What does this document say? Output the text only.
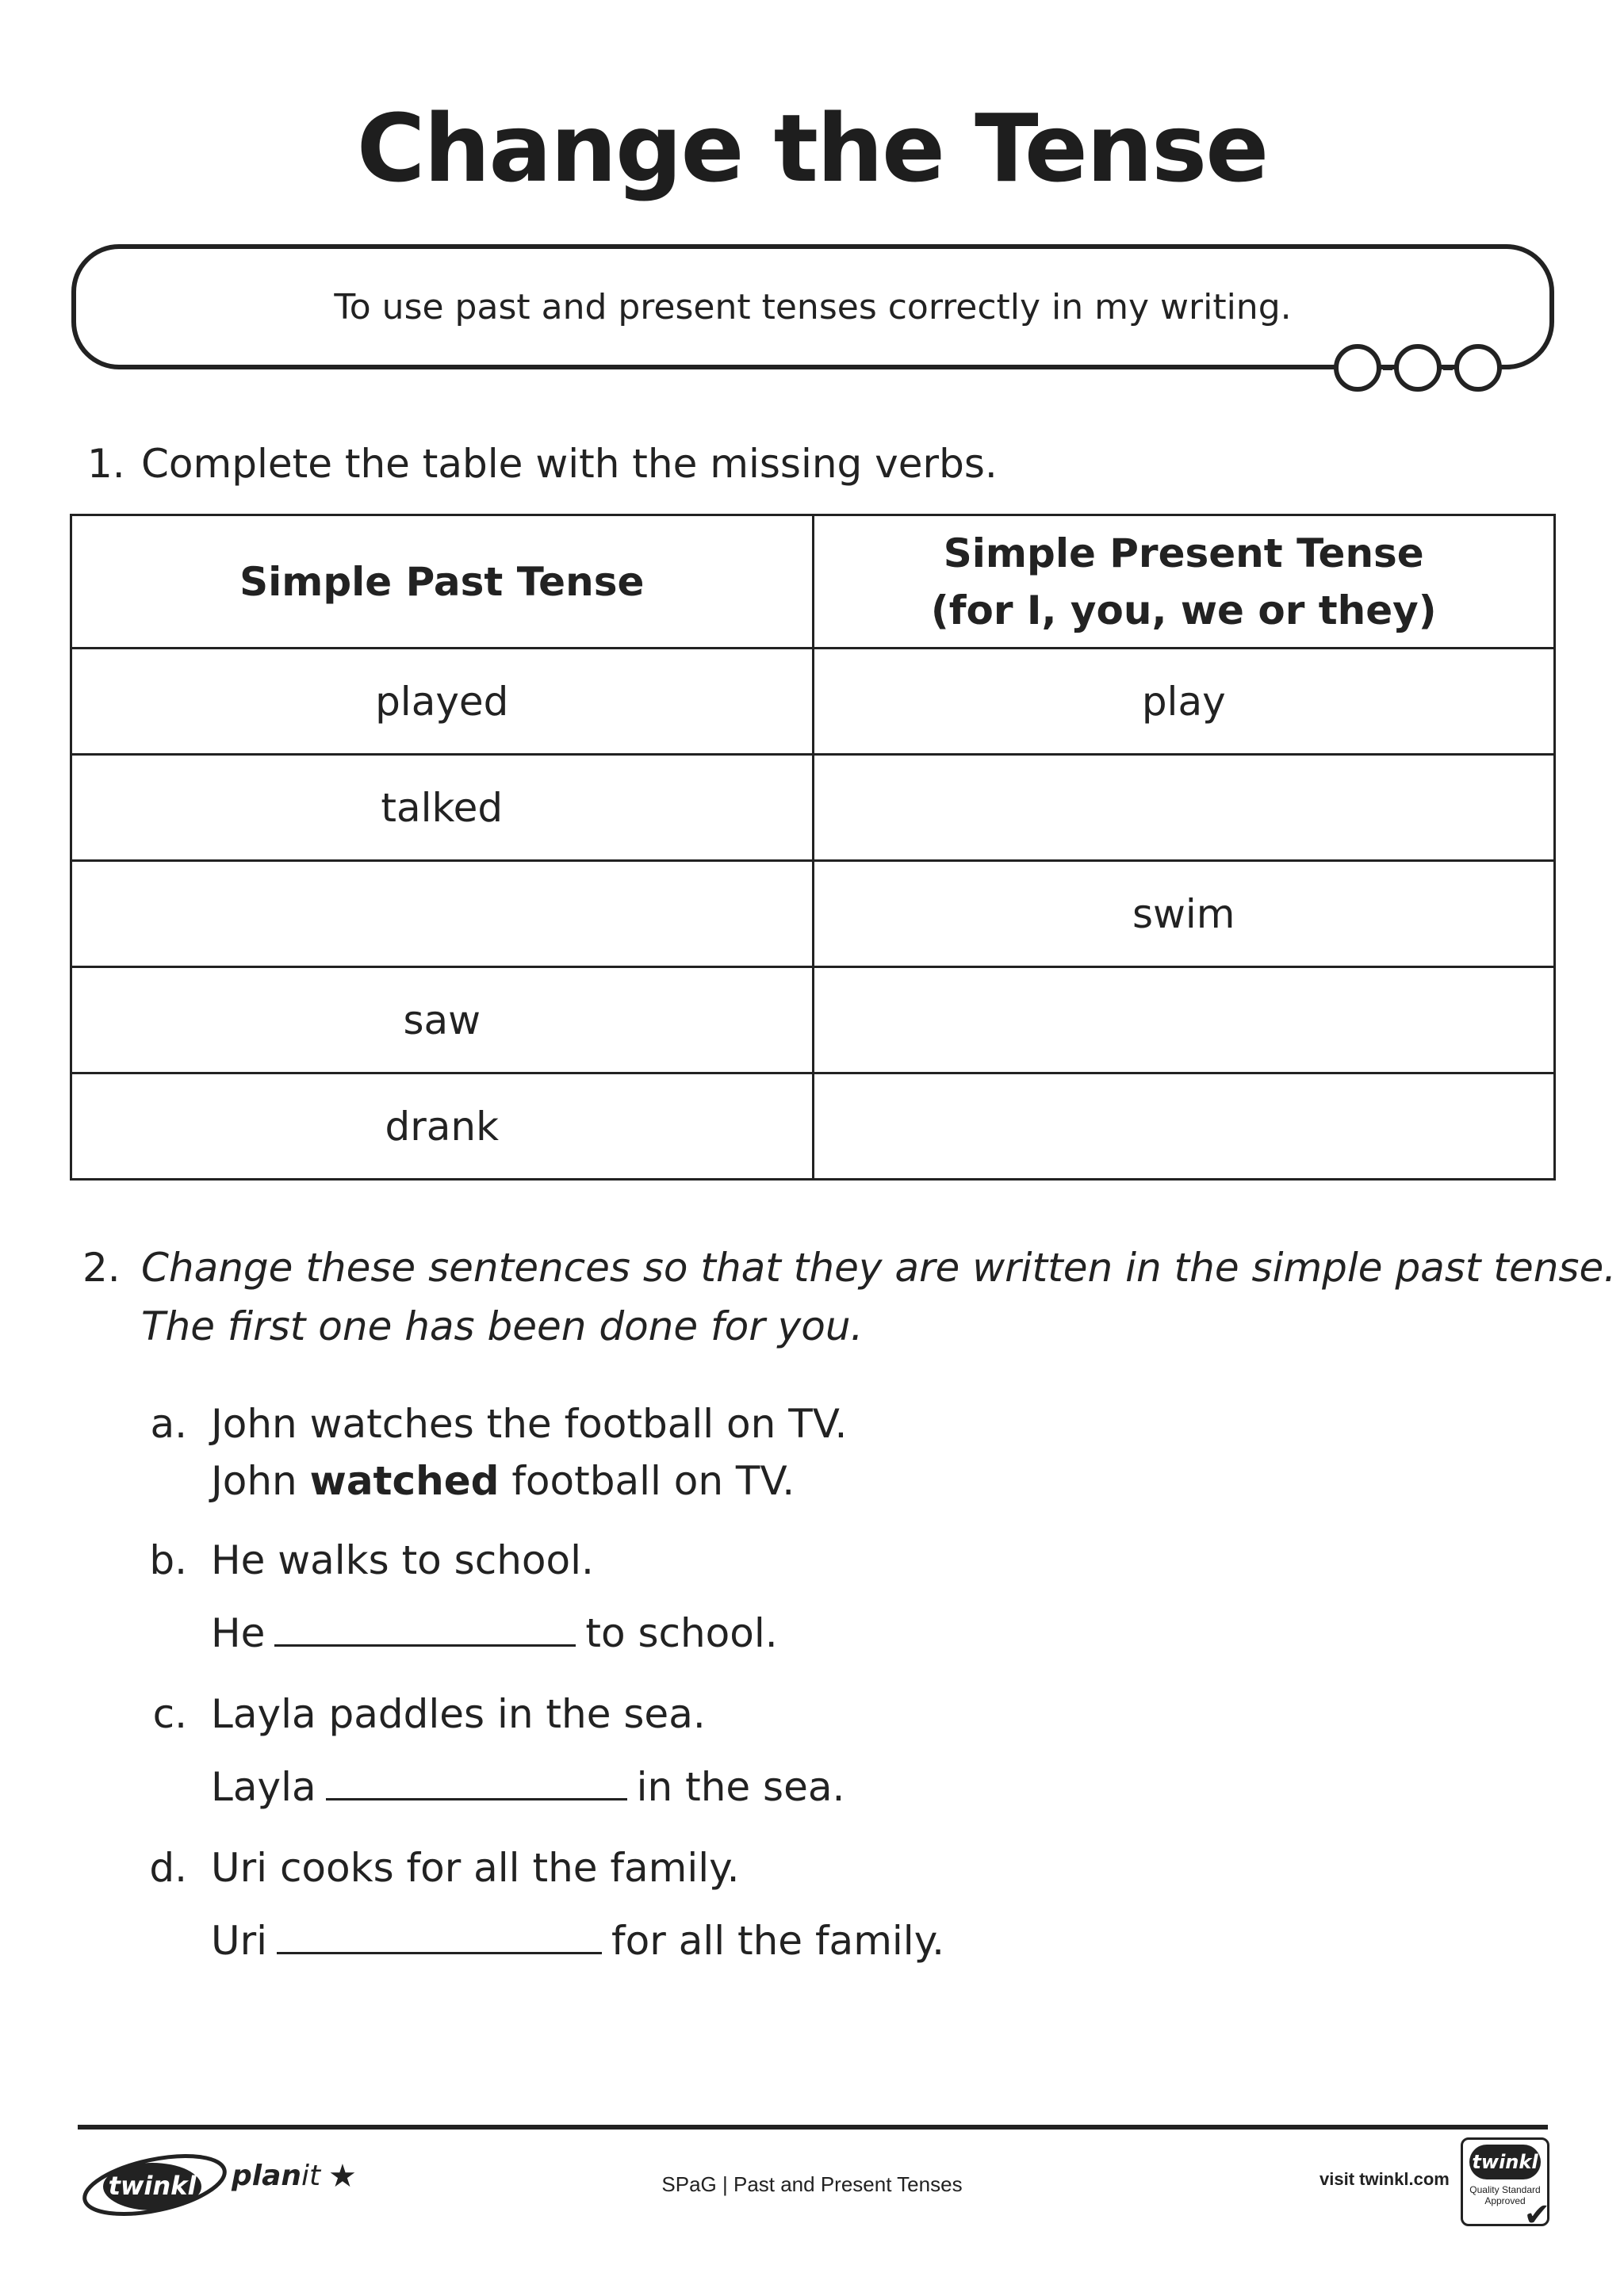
Change the Tense
To use past and present tenses correctly in my writing.
1. Complete the table with the missing verbs.
Simple Past Tense	Simple Present Tense
(for I, you, we or they)
played	play
talked	
	swim
saw	
drank	
2. Change these sentences so that they are written in the simple past tense.
The first one has been done for you.
a. John watches the football on TV.
John watched football on TV.
b. He walks to school.
He	to school.
c. Layla paddles in the sea.
Layla	in the sea.
d. Uri cooks for all the family.
Uri	for all the family.
twinkl planit ★	SPaG | Past and Present Tenses	visit twinkl.com
twinkl
Quality Standard
Approved
✔
